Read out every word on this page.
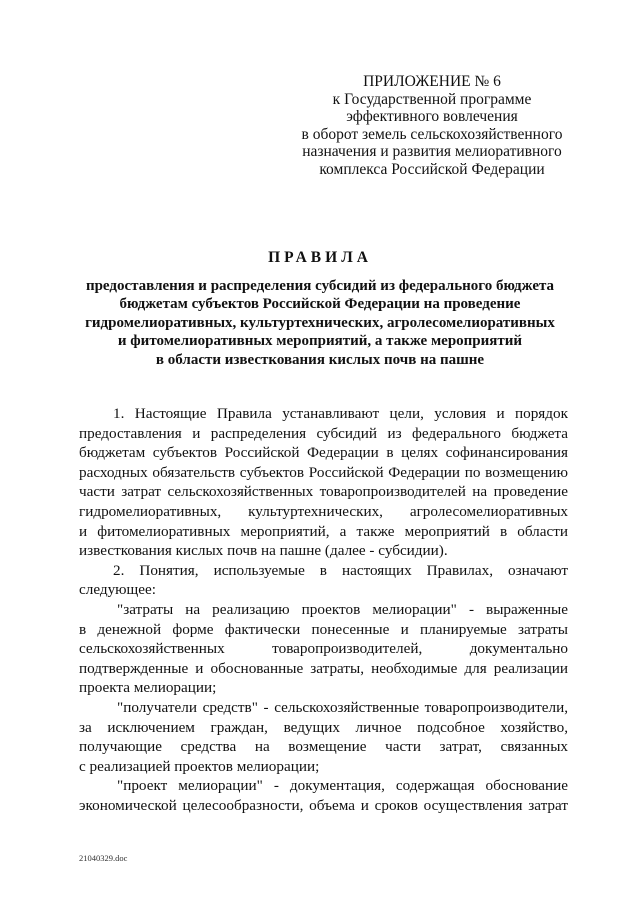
ПРИЛОЖЕНИЕ № 6
к Государственной программе
эффективного вовлечения
в оборот земель сельскохозяйственного
назначения и развития мелиоративного
комплекса Российской Федерации
ПРАВИЛА
предоставления и распределения субсидий из федерального бюджета
бюджетам субъектов Российской Федерации на проведение
гидромелиоративных, культуртехнических, агролесомелиоративных
и фитомелиоративных мероприятий, а также мероприятий
в области известкования кислых почв на пашне
1. Настоящие Правила устанавливают цели, условия и порядок
предоставления и распределения субсидий из федерального бюджета
бюджетам субъектов Российской Федерации в целях софинансирования
расходных обязательств субъектов Российской Федерации по возмещению
части затрат сельскохозяйственных товаропроизводителей на проведение
гидромелиоративных, культуртехнических, агролесомелиоративных
и фитомелиоративных мероприятий, а также мероприятий в области
известкования кислых почв на пашне (далее - субсидии).
2. Понятия, используемые в настоящих Правилах, означают
следующее:
"затраты на реализацию проектов мелиорации" - выраженные
в денежной форме фактически понесенные и планируемые затраты
сельскохозяйственных товаропроизводителей, документально
подтвержденные и обоснованные затраты, необходимые для реализации
проекта мелиорации;
"получатели средств" - сельскохозяйственные товаропроизводители,
за исключением граждан, ведущих личное подсобное хозяйство,
получающие средства на возмещение части затрат, связанных
с реализацией проектов мелиорации;
"проект мелиорации" - документация, содержащая обоснование
экономической целесообразности, объема и сроков осуществления затрат
21040329.doc
